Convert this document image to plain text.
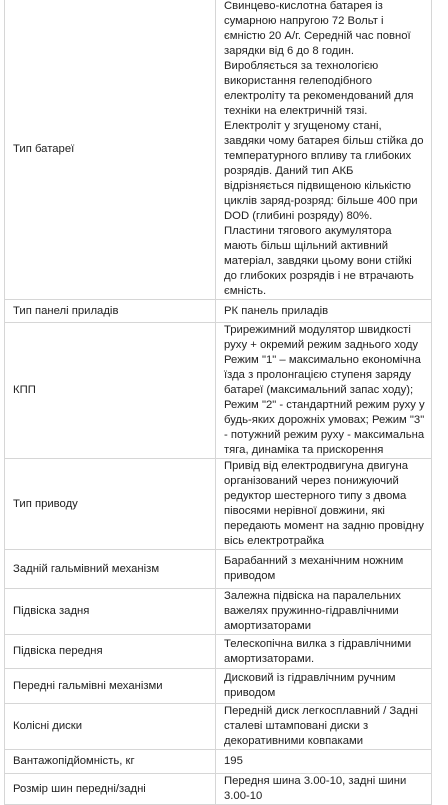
Тип батареї	Свинцево-кислотна батарея із сумарною напругою 72 Вольт і ємністю 20 А/г. Середній час повної зарядки від 6 до 8 годин. Виробляється за технологією використання гелеподібного електроліту та рекомендований для техніки на електричній тязі. Електроліт у згущеному стані, завдяки чому батарея більш стійка до температурного впливу та глибоких розрядів. Даний тип АКБ відрізняється підвищеною кількістю циклів заряд-розряд: більше 400 при DOD (глибині розряду) 80%. Пластини тягового акумулятора мають більш щільний активний матеріал, завдяки цьому вони стійкі до глибоких розрядів і не втрачають ємність.
Тип панелі приладів	РК панель приладів
КПП	Трирежимний модулятор швидкості руху + окремий режим заднього ходу Режим "1" – максимально економічна їзда з пролонгацією ступеня заряду батареї (максимальний запас ходу); Режим "2" - стандартний режим руху у будь-яких дорожніх умовах; Режим "3" - потужний режим руху - максимальна тяга, динаміка та прискорення
Тип приводу	Привід від електродвигуна двигуна організований через понижуючий редуктор шестерного типу з двома півосями нерівної довжини, які передають момент на задню провідну вісь електротрайка
Задній гальмівний механізм	Барабанний з механічним ножним приводом
Підвіска задня	Залежна підвіска на паралельних важелях пружинно-гідравлічними амортизаторами
Підвіска передня	Телескопічна вилка з гідравлічними амортизаторами.
Передні гальмівні механізми	Дисковий із гідравлічним ручним приводом
Колісні диски	Передній диск легкосплавний / Задні сталеві штамповані диски з декоративними ковпаками
Вантажопідйомність, кг	195
Розмір шин передні/задні	Передня шина 3.00-10, задні шини 3.00-10
